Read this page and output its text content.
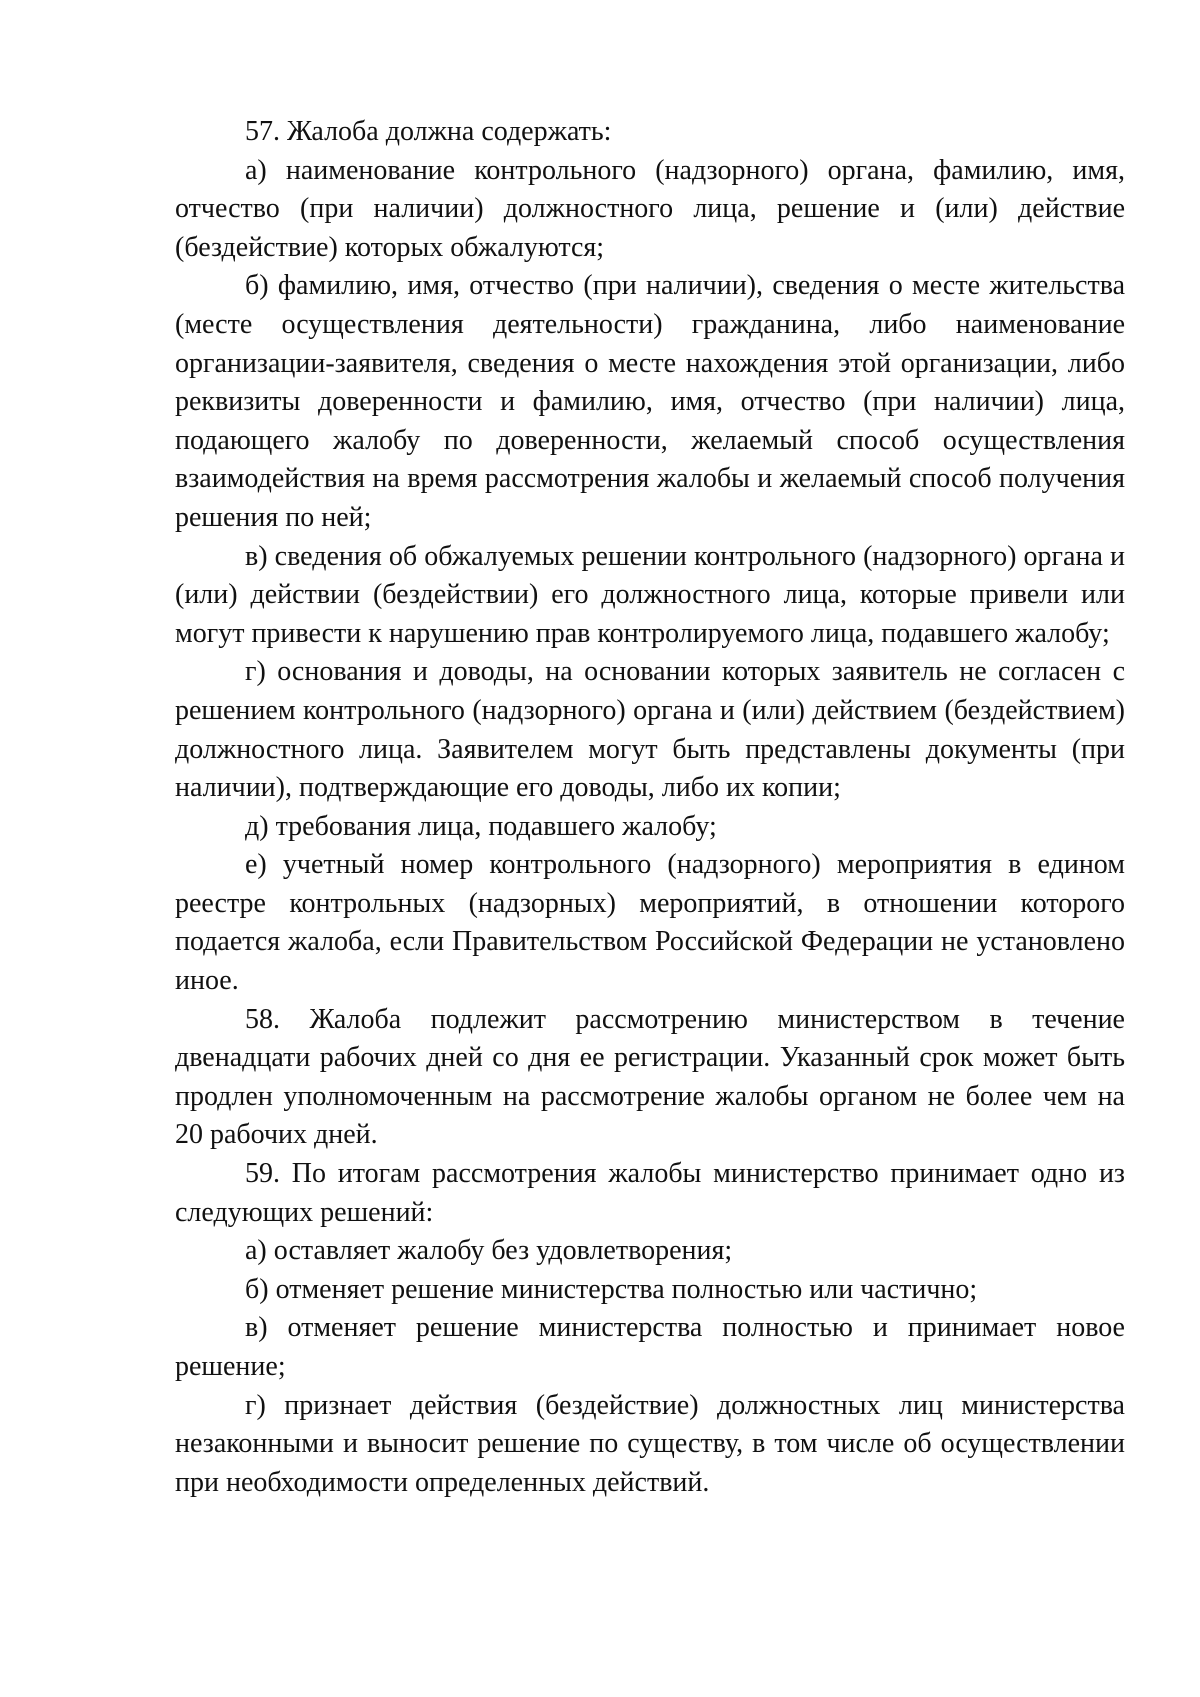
57. Жалоба должна содержать:

а) наименование контрольного (надзорного) органа, фамилию, имя, отчество (при наличии) должностного лица, решение и (или) действие (бездействие) которых обжалуются;

б) фамилию, имя, отчество (при наличии), сведения о месте жительства (месте осуществления деятельности) гражданина, либо наименование организации-заявителя, сведения о месте нахождения этой организации, либо реквизиты доверенности и фамилию, имя, отчество (при наличии) лица, подающего жалобу по доверенности, желаемый способ осуществления взаимодействия на время рассмотрения жалобы и желаемый способ получения решения по ней;

в) сведения об обжалуемых решении контрольного (надзорного) органа и (или) действии (бездействии) его должностного лица, которые привели или могут привести к нарушению прав контролируемого лица, подавшего жалобу;

г) основания и доводы, на основании которых заявитель не согласен с решением контрольного (надзорного) органа и (или) действием (бездействием) должностного лица. Заявителем могут быть представлены документы (при наличии), подтверждающие его доводы, либо их копии;

д) требования лица, подавшего жалобу;

е) учетный номер контрольного (надзорного) мероприятия в едином реестре контрольных (надзорных) мероприятий, в отношении которого подается жалоба, если Правительством Российской Федерации не установлено иное.

58. Жалоба подлежит рассмотрению министерством в течение двенадцати рабочих дней со дня ее регистрации. Указанный срок может быть продлен уполномоченным на рассмотрение жалобы органом не более чем на 20 рабочих дней.

59. По итогам рассмотрения жалобы министерство принимает одно из следующих решений:

а) оставляет жалобу без удовлетворения;

б) отменяет решение министерства полностью или частично;

в) отменяет решение министерства полностью и принимает новое решение;

г) признает действия (бездействие) должностных лиц министерства незаконными и выносит решение по существу, в том числе об осуществлении при необходимости определенных действий.
